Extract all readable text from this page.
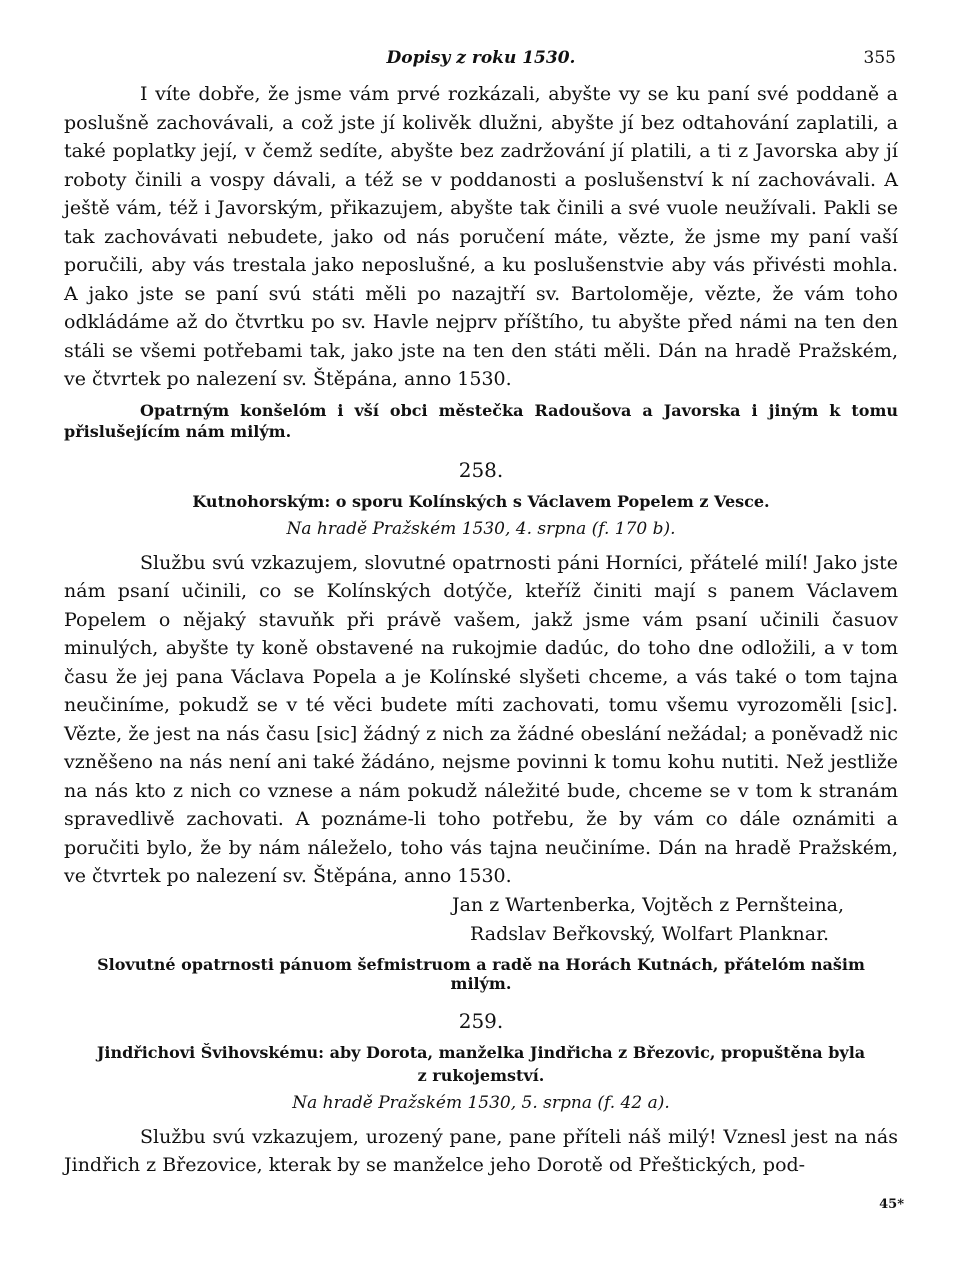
Dopisy z roku 1530.	355

I víte dobře, že jsme vám prvé rozkázali, abyšte vy se ku paní své poddaně a poslušně zachovávali, a což jste jí kolivěk dlužni, abyšte jí bez odtahování zaplatili, a také poplatky její, v čemž sedíte, abyšte bez zadržování jí platili, a ti z Javorska aby jí roboty činili a vospy dávali, a též se v poddanosti a poslušenství k ní zachovávali. A ještě vám, též i Javorským, přikazujem, abyšte tak činili a své vuole neužívali. Pakli se tak zachovávati nebudete, jako od nás poručení máte, vězte, že jsme my paní vaší poručili, aby vás trestala jako neposlušné, a ku poslušenstvie aby vás přivésti mohla. A jako jste se paní svú státi měli po nazajtří sv. Bartoloměje, vězte, že vám toho odkládáme až do čtvrtku po sv. Havle nejprv příštího, tu abyšte před námi na ten den stáli se všemi potřebami tak, jako jste na ten den státi měli. Dán na hradě Pražském, ve čtvrtek po nalezení sv. Štěpána, anno 1530.

Opatrným konšelóm i vší obci městečka Radoušova a Javorska i jiným k tomu přislušejícím nám milým.

258.
Kutnohorským: o sporu Kolínských s Václavem Popelem z Vesce.
Na hradě Pražském 1530, 4. srpna (f. 170 b).

Službu svú vzkazujem, slovutné opatrnosti páni Horníci, přátelé milí! Jako jste nám psaní učinili, co se Kolínských dotýče, kteříž činiti mají s panem Václavem Popelem o nějaký stavuňk při právě vašem, jakž jsme vám psaní učinili časuov minulých, abyšte ty koně obstavené na rukojmie dadúc, do toho dne odložili, a v tom času že jej pana Václava Popela a je Kolínské slyšeti chceme, a vás také o tom tajna neučiníme, pokudž se v té věci budete míti zachovati, tomu všemu vyrozoměli [sic]. Vězte, že jest na nás času [sic] žádný z nich za žádné obeslání nežádal; a poněvadž nic vzněšeno na nás není ani také žádáno, nejsme povinni k tomu kohu nutiti. Než jestliže na nás kto z nich co vznese a nám pokudž náležité bude, chceme se v tom k stranám spravedlivě zachovati. A poznáme-li toho potřebu, že by vám co dále oznámiti a poručiti bylo, že by nám náleželo, toho vás tajna neučiníme. Dán na hradě Pražském, ve čtvrtek po nalezení sv. Štěpána, anno 1530.

Jan z Wartenberka, Vojtěch z Pernšteina,
Radslav Beřkovský, Wolfart Planknar.
Slovutné opatrnosti pánuom šefmistruom a radě na Horách Kutnách, přátelóm našim milým.
259.
Jindřichovi Švihovskému: aby Dorota, manželka Jindřicha z Březovic, propuštěna byla
z rukojemství.
Na hradě Pražském 1530, 5. srpna (f. 42 a).

Službu svú vzkazujem, urozený pane, pane příteli náš milý! Vznesl jest na nás Jindřich z Březovice, kterak by se manželce jeho Dorotě od Přeštických, pod-

45*
